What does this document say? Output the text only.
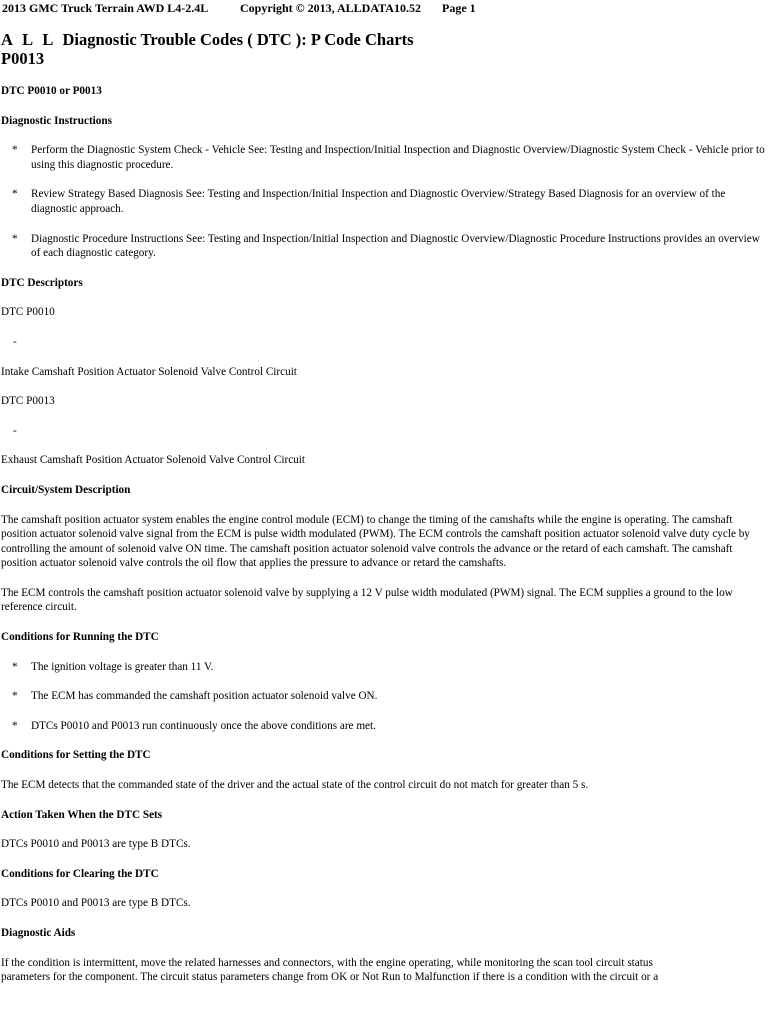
2013 GMC Truck Terrain AWD L4-2.4L	Copyright © 2013, ALLDATA10.52 Page 1
A L L Diagnostic Trouble Codes ( DTC ): P Code Charts
P0013
DTC P0010 or P0013
Diagnostic Instructions
* Perform the Diagnostic System Check - Vehicle See: Testing and Inspection/Initial Inspection and Diagnostic Overview/Diagnostic System Check - Vehicle prior to using this diagnostic procedure.
* Review Strategy Based Diagnosis See: Testing and Inspection/Initial Inspection and Diagnostic Overview/Strategy Based Diagnosis for an overview of the diagnostic approach.
* Diagnostic Procedure Instructions See: Testing and Inspection/Initial Inspection and Diagnostic Overview/Diagnostic Procedure Instructions provides an overview of each diagnostic category.
DTC Descriptors
DTC P0010
-
Intake Camshaft Position Actuator Solenoid Valve Control Circuit
DTC P0013
-
Exhaust Camshaft Position Actuator Solenoid Valve Control Circuit
Circuit/System Description
The camshaft position actuator system enables the engine control module (ECM) to change the timing of the camshafts while the engine is operating. The camshaft position actuator solenoid valve signal from the ECM is pulse width modulated (PWM). The ECM controls the camshaft position actuator solenoid valve duty cycle by controlling the amount of solenoid valve ON time. The camshaft position actuator solenoid valve controls the advance or the retard of each camshaft. The camshaft position actuator solenoid valve controls the oil flow that applies the pressure to advance or retard the camshafts.
The ECM controls the camshaft position actuator solenoid valve by supplying a 12 V pulse width modulated (PWM) signal. The ECM supplies a ground to the low reference circuit.
Conditions for Running the DTC
* The ignition voltage is greater than 11 V.
* The ECM has commanded the camshaft position actuator solenoid valve ON.
* DTCs P0010 and P0013 run continuously once the above conditions are met.
Conditions for Setting the DTC
The ECM detects that the commanded state of the driver and the actual state of the control circuit do not match for greater than 5 s.
Action Taken When the DTC Sets
DTCs P0010 and P0013 are type B DTCs.
Conditions for Clearing the DTC
DTCs P0010 and P0013 are type B DTCs.
Diagnostic Aids
If the condition is intermittent, move the related harnesses and connectors, with the engine operating, while monitoring the scan tool circuit status
parameters for the component. The circuit status parameters change from OK or Not Run to Malfunction if there is a condition with the circuit or a
